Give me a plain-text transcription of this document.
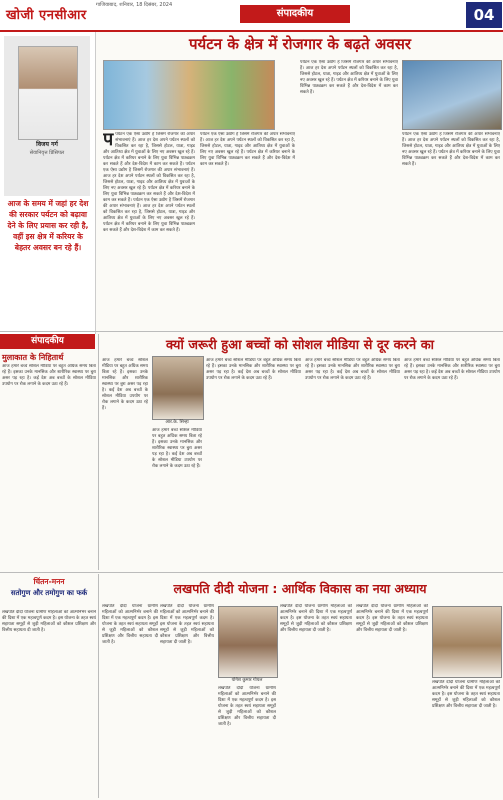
खोजी एनसीआर
गाजियाबाद, शनिवार, 18 दिसंबर, 2024
संपादकीय	04
पर्यटन के क्षेत्र में रोजगार के बढ़ते अवसर
विजय गर्ग
सेवानिवृत्त प्रिंसिपल
आज के समय में जहां हर देश की सरकार पर्यटन को बढ़ावा देने के लिए प्रयास कर रही है, वहीं इस क्षेत्र में करियर के बेहतर अवसर बन रहे हैं।
पपर्यटन एक ऐसा उद्योग है जिसमें रोजगार की अपार संभावनाएं हैं। आज हर देश अपने पर्यटन स्थलों को विकसित कर रहा है, जिससे होटल, यात्रा, गाइड और आतिथ्य क्षेत्र में युवाओं के लिए नए अवसर खुल रहे हैं। पर्यटन क्षेत्र में करियर बनाने के लिए युवा विभिन्न पाठ्यक्रम कर सकते हैं और देश-विदेश में काम कर सकते हैं। पर्यटन एक ऐसा उद्योग है जिसमें रोजगार की अपार संभावनाएं हैं। आज हर देश अपने पर्यटन स्थलों को विकसित कर रहा है, जिससे होटल, यात्रा, गाइड और आतिथ्य क्षेत्र में युवाओं के लिए नए अवसर खुल रहे हैं। पर्यटन क्षेत्र में करियर बनाने के लिए युवा विभिन्न पाठ्यक्रम कर सकते हैं और देश-विदेश में काम कर सकते हैं। पर्यटन एक ऐसा उद्योग है जिसमें रोजगार की अपार संभावनाएं हैं। आज हर देश अपने पर्यटन स्थलों को विकसित कर रहा है, जिससे होटल, यात्रा, गाइड और आतिथ्य क्षेत्र में युवाओं के लिए नए अवसर खुल रहे हैं। पर्यटन क्षेत्र में करियर बनाने के लिए युवा विभिन्न पाठ्यक्रम कर सकते हैं और देश-विदेश में काम कर सकते हैं।
पर्यटन एक ऐसा उद्योग है जिसमें रोजगार की अपार संभावनाएं हैं। आज हर देश अपने पर्यटन स्थलों को विकसित कर रहा है, जिससे होटल, यात्रा, गाइड और आतिथ्य क्षेत्र में युवाओं के लिए नए अवसर खुल रहे हैं। पर्यटन क्षेत्र में करियर बनाने के लिए युवा विभिन्न पाठ्यक्रम कर सकते हैं और देश-विदेश में काम कर सकते हैं।
पर्यटन एक ऐसा उद्योग है जिसमें रोजगार की अपार संभावनाएं हैं। आज हर देश अपने पर्यटन स्थलों को विकसित कर रहा है, जिससे होटल, यात्रा, गाइड और आतिथ्य क्षेत्र में युवाओं के लिए नए अवसर खुल रहे हैं। पर्यटन क्षेत्र में करियर बनाने के लिए युवा विभिन्न पाठ्यक्रम कर सकते हैं और देश-विदेश में काम कर सकते हैं।
पर्यटन एक ऐसा उद्योग है जिसमें रोजगार की अपार संभावनाएं हैं। आज हर देश अपने पर्यटन स्थलों को विकसित कर रहा है, जिससे होटल, यात्रा, गाइड और आतिथ्य क्षेत्र में युवाओं के लिए नए अवसर खुल रहे हैं। पर्यटन क्षेत्र में करियर बनाने के लिए युवा विभिन्न पाठ्यक्रम कर सकते हैं और देश-विदेश में काम कर सकते हैं।
संपादकीय
मुलाकात के निहितार्थ
क्यों जरूरी हुआ बच्चों को सोशल मीडिया से दूर करने का
आज हमारे बच्चे सोशल मीडिया पर बहुत अधिक समय बिता रहे हैं। इसका उनके मानसिक और शारीरिक स्वास्थ्य पर बुरा असर पड़ रहा है। कई देश अब बच्चों के सोशल मीडिया उपयोग पर रोक लगाने के कदम उठा रहे हैं।
आर.के. सिन्हा
आज हमारे बच्चे सोशल मीडिया पर बहुत अधिक समय बिता रहे हैं। इसका उनके मानसिक और शारीरिक स्वास्थ्य पर बुरा असर पड़ रहा है। कई देश अब बच्चों के सोशल मीडिया उपयोग पर रोक लगाने के कदम उठा रहे हैं।
आज हमारे बच्चे सोशल मीडिया पर बहुत अधिक समय बिता रहे हैं। इसका उनके मानसिक और शारीरिक स्वास्थ्य पर बुरा असर पड़ रहा है। कई देश अब बच्चों के सोशल मीडिया उपयोग पर रोक लगाने के कदम उठा रहे हैं।
आज हमारे बच्चे सोशल मीडिया पर बहुत अधिक समय बिता रहे हैं। इसका उनके मानसिक और शारीरिक स्वास्थ्य पर बुरा असर पड़ रहा है। कई देश अब बच्चों के सोशल मीडिया उपयोग पर रोक लगाने के कदम उठा रहे हैं।
आज हमारे बच्चे सोशल मीडिया पर बहुत अधिक समय बिता रहे हैं। इसका उनके मानसिक और शारीरिक स्वास्थ्य पर बुरा असर पड़ रहा है। कई देश अब बच्चों के सोशल मीडिया उपयोग पर रोक लगाने के कदम उठा रहे हैं।
आज हमारे बच्चे सोशल मीडिया पर बहुत अधिक समय बिता रहे हैं। इसका उनके मानसिक और शारीरिक स्वास्थ्य पर बुरा असर पड़ रहा है। कई देश अब बच्चों के सोशल मीडिया उपयोग पर रोक लगाने के कदम उठा रहे हैं।
चिंतन-मनन
सतोगुण और तमोगुण का फर्क
लखपति दीदी योजना ग्रामीण महिलाओं को आत्मनिर्भर बनाने की दिशा में एक महत्वपूर्ण कदम है। इस योजना के तहत स्वयं सहायता समूहों से जुड़ी महिलाओं को कौशल प्रशिक्षण और वित्तीय सहायता दी जाती है।
लखपति दीदी योजना : आर्थिक विकास का नया अध्याय
लखपति दीदी योजना ग्रामीण महिलाओं को आत्मनिर्भर बनाने की दिशा में एक महत्वपूर्ण कदम है। इस योजना के तहत स्वयं सहायता समूहों से जुड़ी महिलाओं को कौशल प्रशिक्षण और वित्तीय सहायता दी जाती है।
लखपति दीदी योजना ग्रामीण महिलाओं को आत्मनिर्भर बनाने की दिशा में एक महत्वपूर्ण कदम है। इस योजना के तहत स्वयं सहायता समूहों से जुड़ी महिलाओं को कौशल प्रशिक्षण और वित्तीय सहायता दी जाती है।
योगेश कुमार गोयल
लखपति दीदी योजना ग्रामीण महिलाओं को आत्मनिर्भर बनाने की दिशा में एक महत्वपूर्ण कदम है। इस योजना के तहत स्वयं सहायता समूहों से जुड़ी महिलाओं को कौशल प्रशिक्षण और वित्तीय सहायता दी जाती है।
लखपति दीदी योजना ग्रामीण महिलाओं को आत्मनिर्भर बनाने की दिशा में एक महत्वपूर्ण कदम है। इस योजना के तहत स्वयं सहायता समूहों से जुड़ी महिलाओं को कौशल प्रशिक्षण और वित्तीय सहायता दी जाती है।
लखपति दीदी योजना ग्रामीण महिलाओं को आत्मनिर्भर बनाने की दिशा में एक महत्वपूर्ण कदम है। इस योजना के तहत स्वयं सहायता समूहों से जुड़ी महिलाओं को कौशल प्रशिक्षण और वित्तीय सहायता दी जाती है।
लखपति दीदी योजना ग्रामीण महिलाओं को आत्मनिर्भर बनाने की दिशा में एक महत्वपूर्ण कदम है। इस योजना के तहत स्वयं सहायता समूहों से जुड़ी महिलाओं को कौशल प्रशिक्षण और वित्तीय सहायता दी जाती है।
